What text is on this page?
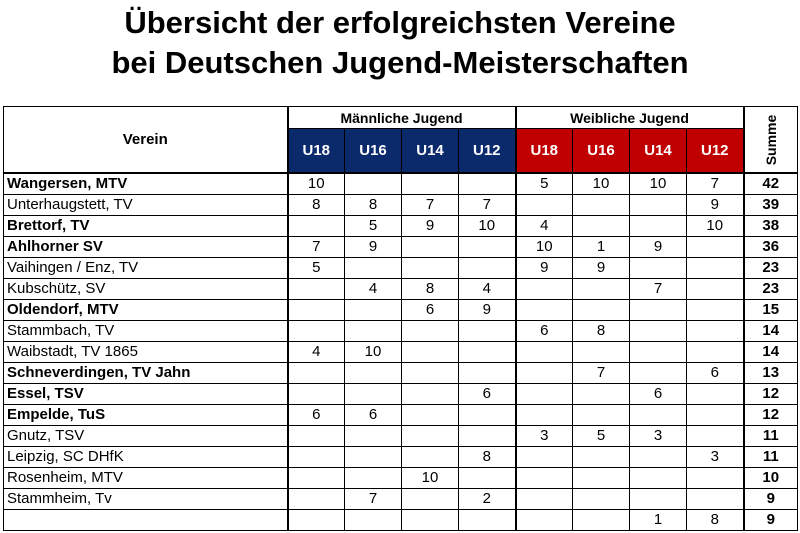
Übersicht der erfolgreichsten Vereine
bei Deutschen Jugend-Meisterschaften
Verein	Männliche Jugend				Weibliche Jugend				Summe

	U18	U16	U14	U12	U18	U16	U14	U12	
Wangersen, MTV	10				5	10	10	7	42
Unterhaugstett, TV	8	8	7	7				9	39
Brettorf, TV		5	9	10	4			10	38
Ahlhorner SV	7	9			10	1	9		36
Vaihingen / Enz, TV	5				9	9			23
Kubschütz, SV		4	8	4			7		23
Oldendorf, MTV			6	9					15
Stammbach, TV					6	8			14
Waibstadt, TV 1865	4	10							14
Schneverdingen, TV Jahn						7		6	13
Essel, TSV				6			6		12
Empelde, TuS	6	6							12
Gnutz, TSV					3	5	3		11
Leipzig, SC DHfK				8				3	11
Rosenheim, MTV			10						10
Stammheim, Tv		7		2					9
							1	8	9
